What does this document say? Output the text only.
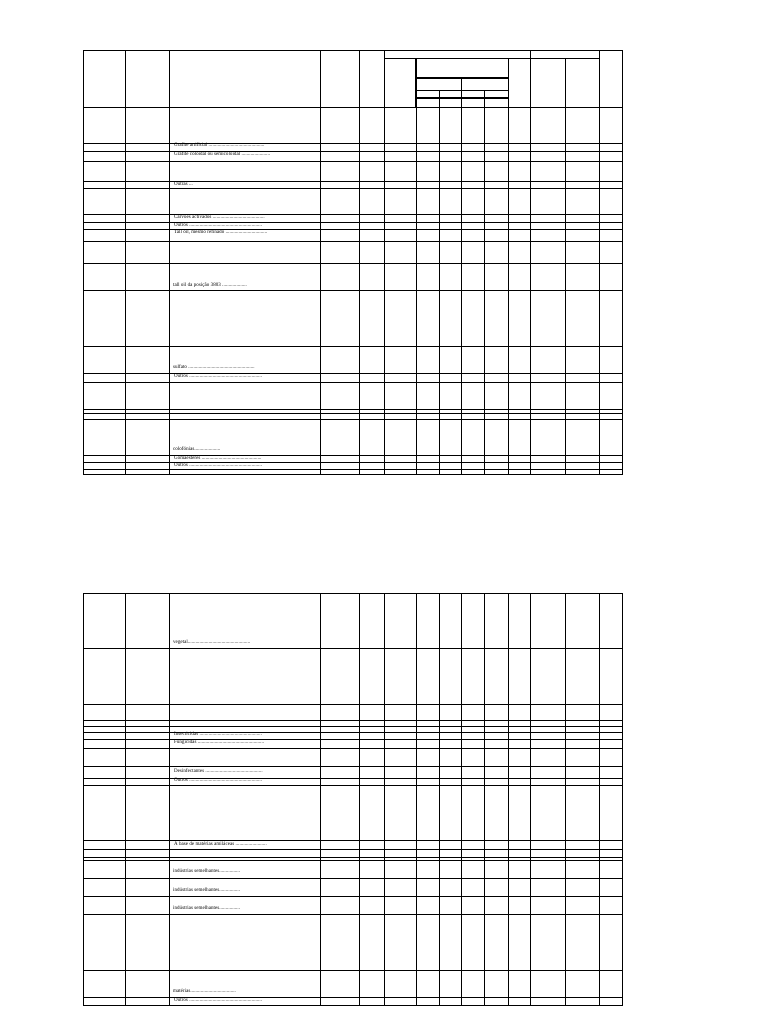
Grafite artificial ...........................................
Grafite coloidal ou semicoloidal ......................
Outras ...
Carvões activados ........................................
Outros ........................................................
Tall oil, mesmo refinado ................................
tall oil da posição 3803 ...................
sulfato ...................................................
Outros ........................................................
colofónias....................
Gomaésteres ..............................................
Outros ........................................................
vegetal................................................
Insecticidas ................................................
Fungicidas ...................................................
Desinfectantes ............................................
Outros ........................................................
À base de matérias amiláceas ........................
indústrias semelhantes................
indústrias semelhantes................
indústrias semelhantes................
matérias...................................
Outros ........................................................
